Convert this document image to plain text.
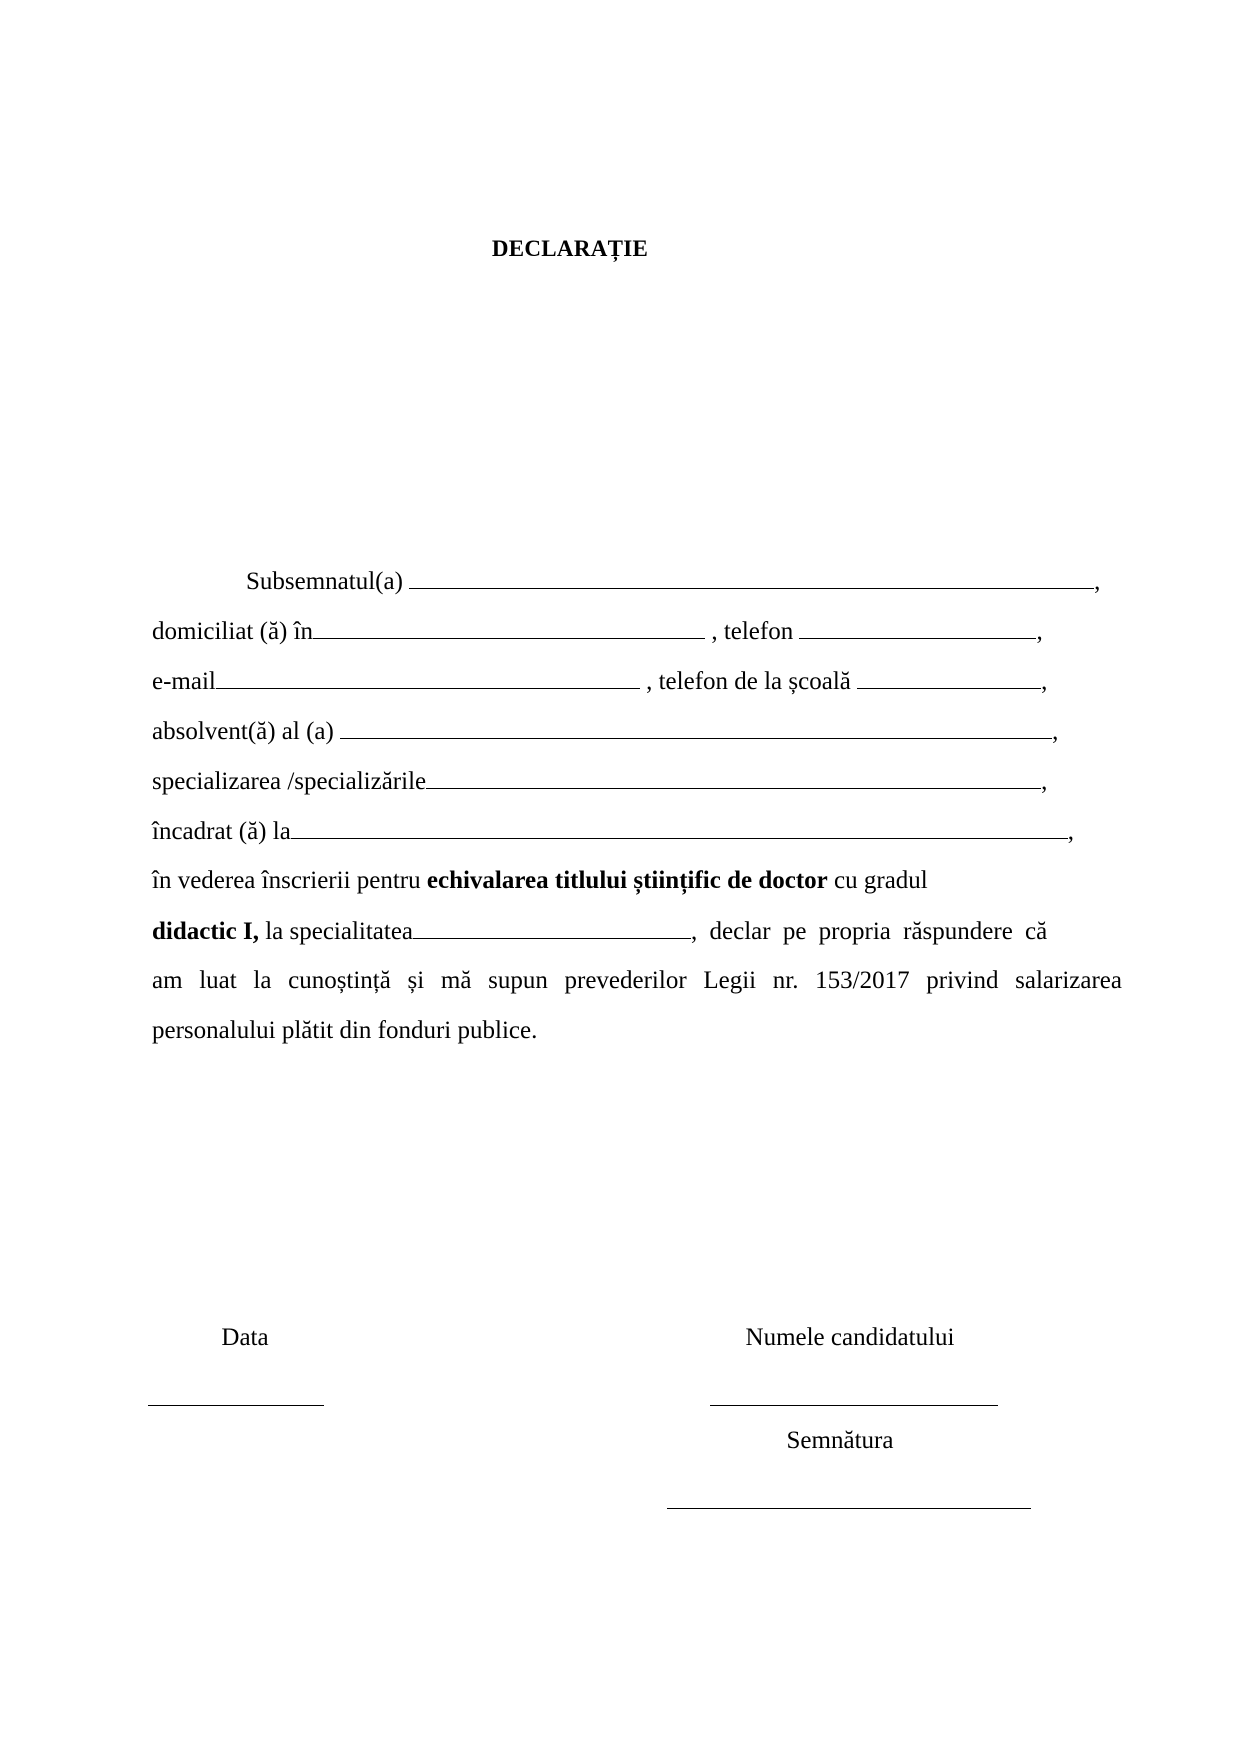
DECLARAȚIE
Subsemnatul(a)	,
domiciliat (ă) în	, telefon	,
e-mail	, telefon de la școală	,
absolvent(ă) al (a)	,
specializarea /specializările	,
încadrat (ă) la	,
în vederea înscrierii pentru echivalarea titlului științific de doctor cu gradul
didactic I, la specialitatea	, declar pe propria răspundere că
am luat la cunoștință și mă supun prevederilor Legii nr. 153/2017 privind salarizarea
personalului plătit din fonduri publice.
Data	Numele candidatului
Semnătura
